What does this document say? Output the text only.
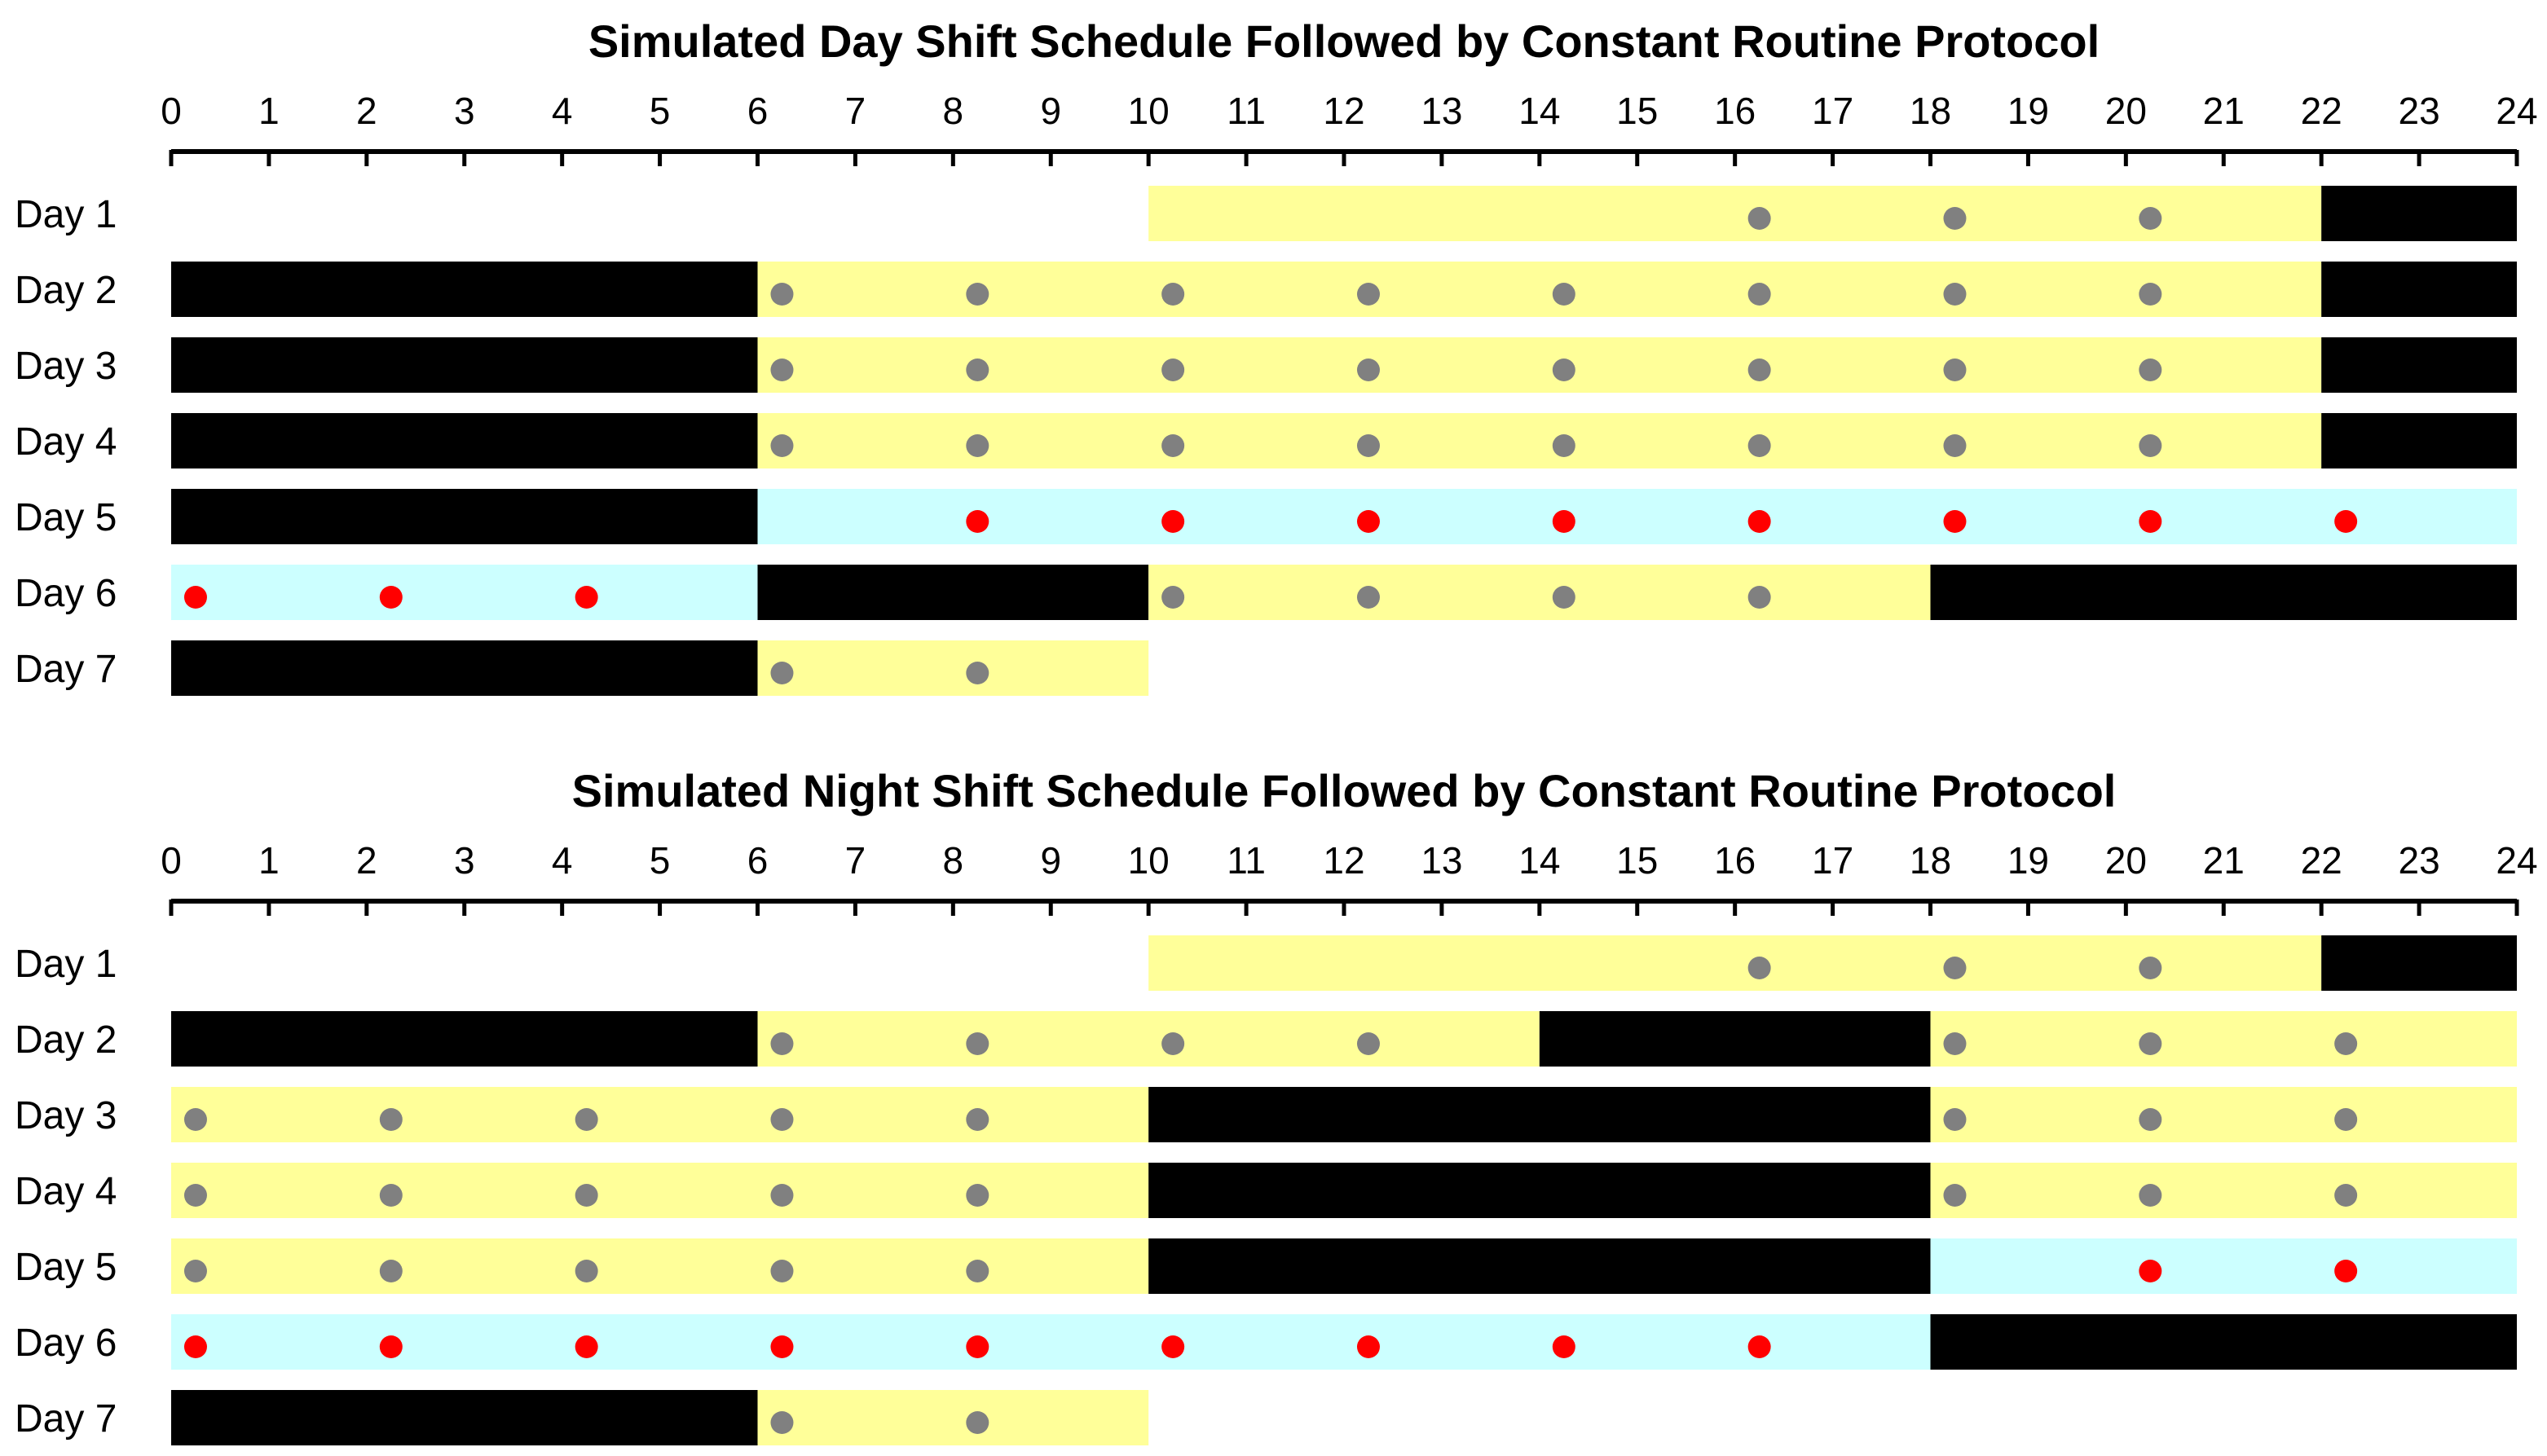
Simulated Day Shift Schedule Followed by Constant Routine Protocol
0 1 2 3 4 5 6 7 8 9 10 11 12 13 14 15 16 17 18 19 20 21 22 23 24
Day 1
Day 2
Day 3
Day 4
Day 5
Day 6
Day 7
Simulated Night Shift Schedule Followed by Constant Routine Protocol
0 1 2 3 4 5 6 7 8 9 10 11 12 13 14 15 16 17 18 19 20 21 22 23 24
Day 1
Day 2
Day 3
Day 4
Day 5
Day 6
Day 7
